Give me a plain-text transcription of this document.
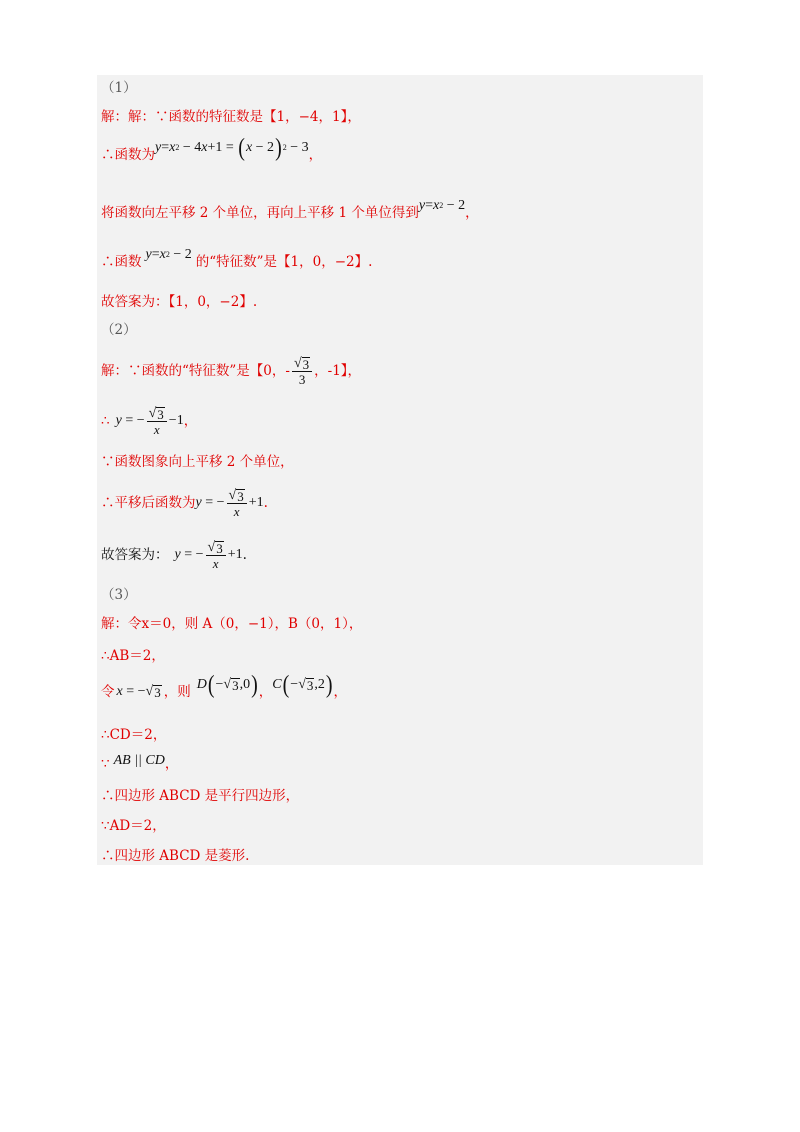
（1）
解：解：∵函数的特征数是【1，−4，1】，
∴函数为 y = x 2 − 4 x +1 = ( x − 2 ) 2 − 3 ，
将函数向左平移 2 个单位，再向上平移 1 个单位得到 y = x 2 − 2 ，
∴函数 y = x 2 − 2 的“特征数”是【1，0，−2】.
故答案为：【1，0，−2】.
（2）
解：∵函数的“特征数”是【0，- $\frac{√ 3}{3}$ ，-1】，
∴ y = − $\frac{√ 3}{x} -1$ ，
∵函数图象向上平移 2 个单位，
∴平移后函数为 y = − $\frac{√ 3}{x} +1$ .
故答案为： y = − $\frac{√ 3}{x} +1$ .
（3）
解：令x＝0，则 A（0，−1），B（0，1），
∴AB＝2，
令 x = − √ 3 ，则 D ( − √ 3 ,0 ) ， C ( − √ 3 ,2 ) ，
∴CD＝2，
∵ AB || CD ，
∴四边形 ABCD 是平行四边形，
∵AD＝2，
∴四边形 ABCD 是菱形.
